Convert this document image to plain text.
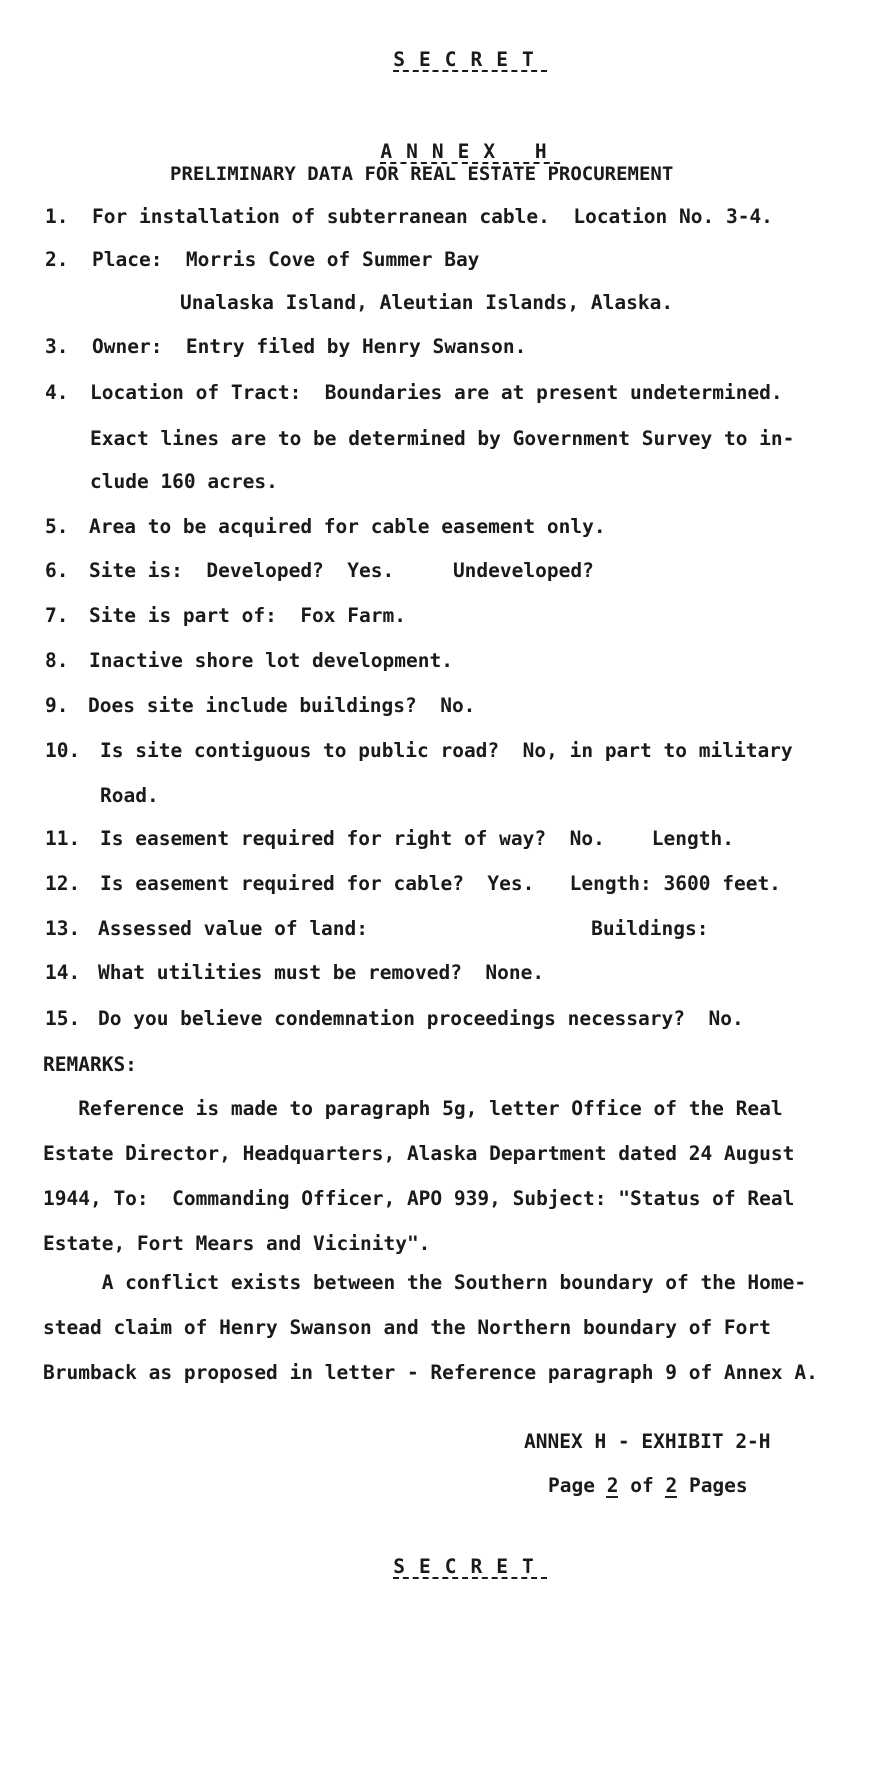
SECRET

ANNEX H

PRELIMINARY DATA FOR REAL ESTATE PROCUREMENT
1. For installation of subterranean cable.  Location No. 3-4.
2. Place:  Morris Cove of Summer Bay
Unalaska Island, Aleutian Islands, Alaska.
3. Owner:  Entry filed by Henry Swanson.
4. Location of Tract:  Boundaries are at present undetermined.
Exact lines are to be determined by Government Survey to in-
clude 160 acres.
5. Area to be acquired for cable easement only.
6. Site is:  Developed?  Yes.     Undeveloped?
7. Site is part of:  Fox Farm.
8. Inactive shore lot development.
9. Does site include buildings?  No.
10. Is site contiguous to public road?  No, in part to military
Road.
11. Is easement required for right of way?  No.    Length.
12. Is easement required for cable?  Yes.   Length: 3600 feet.
13. Assessed value of land:                   Buildings:
14. What utilities must be removed?  None.
15. Do you believe condemnation proceedings necessary?  No.
REMARKS:
Reference is made to paragraph 5g, letter Office of the Real
Estate Director, Headquarters, Alaska Department dated 24 August
1944, To:  Commanding Officer, APO 939, Subject: "Status of Real
Estate, Fort Mears and Vicinity".
A conflict exists between the Southern boundary of the Home-
stead claim of Henry Swanson and the Northern boundary of Fort
Brumback as proposed in letter - Reference paragraph 9 of Annex A.
ANNEX H - EXHIBIT 2-H
Page 2 of 2 Pages

SECRET
